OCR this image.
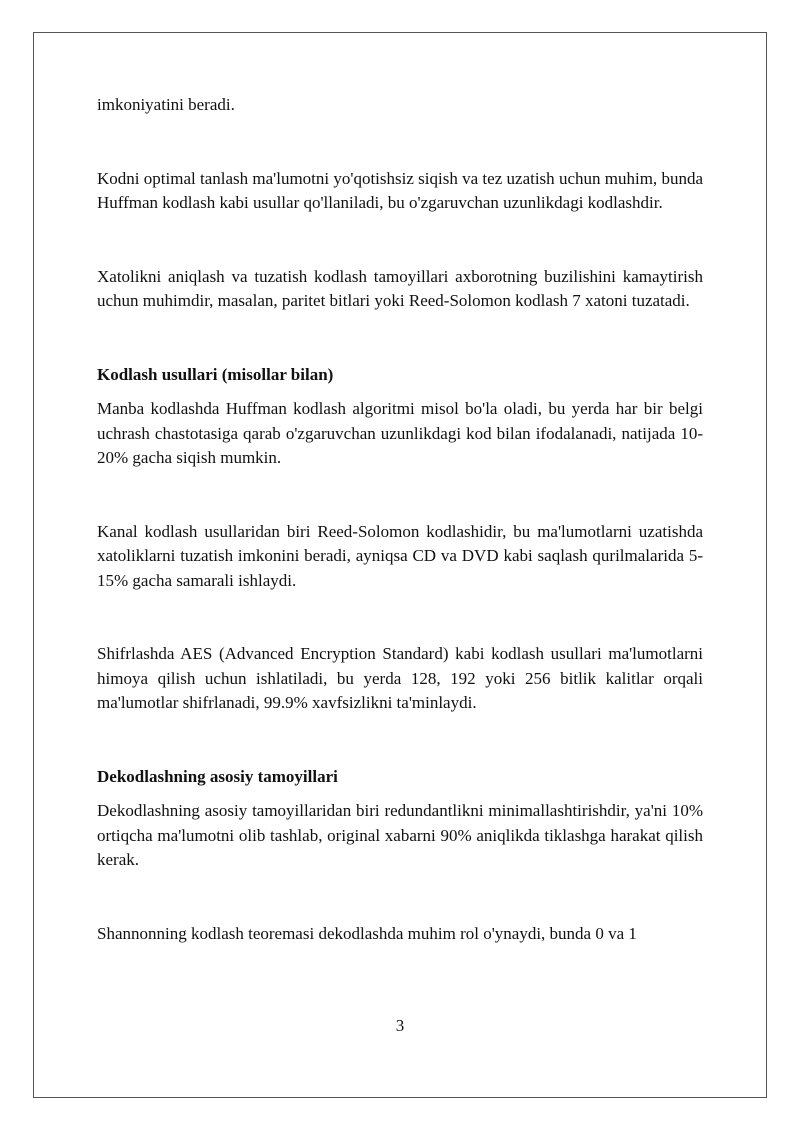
imkoniyatini beradi.

Kodni optimal tanlash ma'lumotni yo'qotishsiz siqish va tez uzatish uchun muhim, bunda Huffman kodlash kabi usullar qo'llaniladi, bu o'zgaruvchan uzunlikdagi kodlashdir.

Xatolikni aniqlash va tuzatish kodlash tamoyillari axborotning buzilishini kamaytirish uchun muhimdir, masalan, paritet bitlari yoki Reed-Solomon kodlash 7 xatoni tuzatadi.

Kodlash usullari (misollar bilan)

Manba kodlashda Huffman kodlash algoritmi misol bo'la oladi, bu yerda har bir belgi uchrash chastotasiga qarab o'zgaruvchan uzunlikdagi kod bilan ifodalanadi, natijada 10-20% gacha siqish mumkin.

Kanal kodlash usullaridan biri Reed-Solomon kodlashidir, bu ma'lumotlarni uzatishda xatoliklarni tuzatish imkonini beradi, ayniqsa CD va DVD kabi saqlash qurilmalarida 5-15% gacha samarali ishlaydi.

Shifrlashda AES (Advanced Encryption Standard) kabi kodlash usullari ma'lumotlarni himoya qilish uchun ishlatiladi, bu yerda 128, 192 yoki 256 bitlik kalitlar orqali ma'lumotlar shifrlanadi, 99.9% xavfsizlikni ta'minlaydi.

Dekodlashning asosiy tamoyillari

Dekodlashning asosiy tamoyillaridan biri redundantlikni minimallashtirishdir, ya'ni 10% ortiqcha ma'lumotni olib tashlab, original xabarni 90% aniqlikda tiklashga harakat qilish kerak.

Shannonning kodlash teoremasi dekodlashda muhim rol o'ynaydi, bunda 0 va 1

3
